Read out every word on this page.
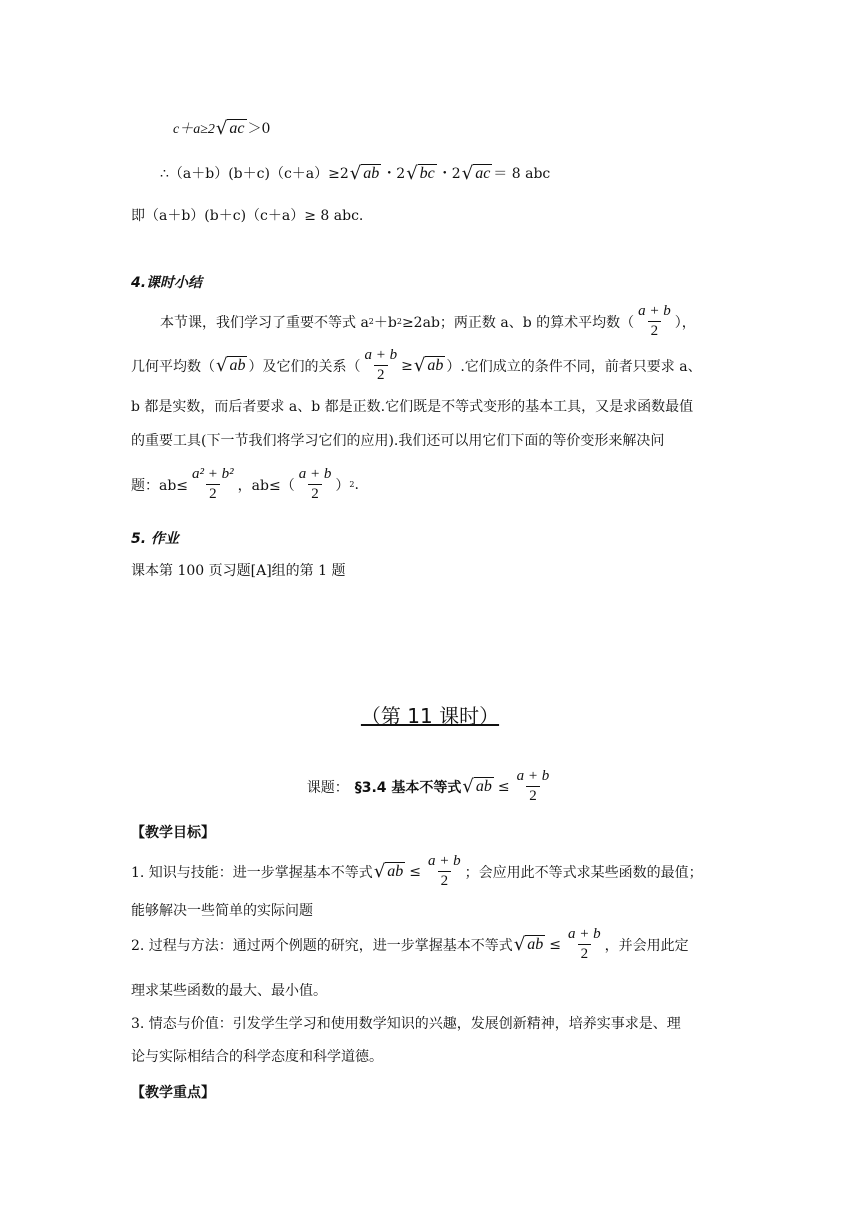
c＋a≥2 √ ac ＞0
∴（a＋b）(b＋c)（c＋a）≥2 √ ab ・2 √ bc ・2 √ ac ＝ 8 abc
即（a＋b）(b＋c)（c＋a）≥ 8 abc.
4.课时小结
本节课，我们学习了重要不等式 a 2 ＋b 2 ≥2ab；两正数 a、b 的算术平均数（ $\frac{a + b}{2}$ ），
几何平均数（ √ ab ）及它们的关系（ $\frac{a + b}{2}$ ≥ √ ab ）.它们成立的条件不同，前者只要求 a、
b 都是实数，而后者要求 a、b 都是正数.它们既是不等式变形的基本工具，又是求函数最值
的重要工具(下一节我们将学习它们的应用).我们还可以用它们下面的等价变形来解决问
题：$ab\le \frac{\text{a² + b²}}{2}$ ，$ab\le( \frac{a + b}{2}$ ） 2 .
5. 作业
课本第 100 页习题[A]组的第 1 题
（第 11 课时）
课题： §3.4 基本不等式 √ ab ≤ $\frac{a + b}{2}$
【教学目标】
1. 知识与技能：进一步掌握基本不等式 √ ab ≤ $\frac{a + b}{2}$ ；会应用此不等式求某些函数的最值；
能够解决一些简单的实际问题
2. 过程与方法：通过两个例题的研究，进一步掌握基本不等式 √ ab ≤ $\frac{a + b}{2}$ ，并会用此定
理求某些函数的最大、最小值。
3. 情态与价值：引发学生学习和使用数学知识的兴趣，发展创新精神，培养实事求是、理
论与实际相结合的科学态度和科学道德。
【教学重点】
